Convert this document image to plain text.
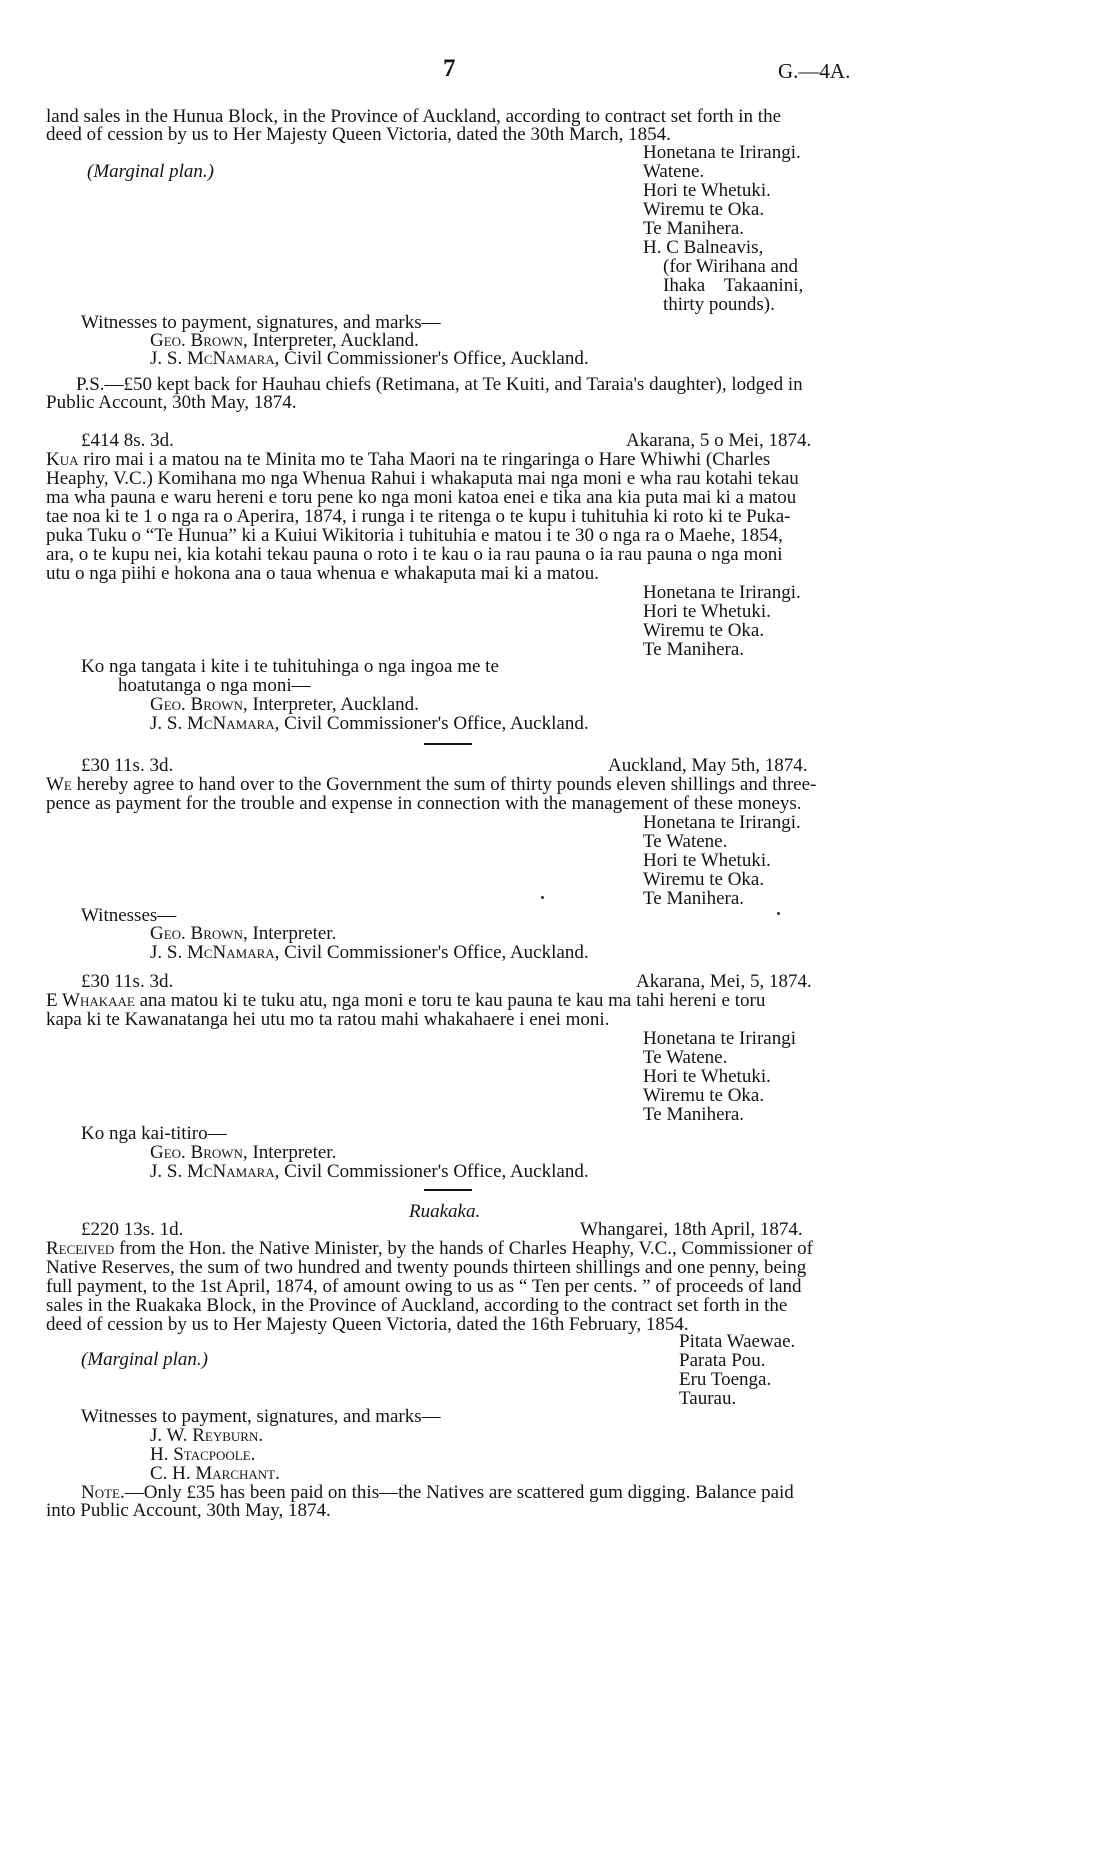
7	G.—4A.
land sales in the Hunua Block, in the Province of Auckland, according to contract set forth in the
deed of cession by us to Her Majesty Queen Victoria, dated the 30th March, 1854.
(Marginal plan.)
Honetana te Irirangi.
Watene.
Hori te Whetuki.
Wiremu te Oka.
Te Manihera.
H. C Balneavis,
(for Wirihana and
Ihaka    Takaanini,
thirty pounds).
Witnesses to payment, signatures, and marks—
Geo. Brown, Interpreter, Auckland.
J. S. McNamara, Civil Commissioner's Office, Auckland.
P.S.—£50 kept back for Hauhau chiefs (Retimana, at Te Kuiti, and Taraia's daughter), lodged in
Public Account, 30th May, 1874.
£414 8s. 3d.	Akarana, 5 o Mei, 1874.
Kua riro mai i a matou na te Minita mo te Taha Maori na te ringaringa o Hare Whiwhi (Charles
Heaphy, V.C.) Komihana mo nga Whenua Rahui i whakaputa mai nga moni e wha rau kotahi tekau
ma wha pauna e waru hereni e toru pene ko nga moni katoa enei e tika ana kia puta mai ki a matou
tae noa ki te 1 o nga ra o Aperira, 1874, i runga i te ritenga o te kupu i tuhituhia ki roto ki te Puka-
puka Tuku o “Te Hunua” ki a Kuiui Wikitoria i tuhituhia e matou i te 30 o nga ra o Maehe, 1854,
ara, o te kupu nei, kia kotahi tekau pauna o roto i te kau o ia rau pauna o ia rau pauna o nga moni
utu o nga piihi e hokona ana o taua whenua e whakaputa mai ki a matou.
Honetana te Irirangi.
Hori te Whetuki.
Wiremu te Oka.
Te Manihera.
Ko nga tangata i kite i te tuhituhinga o nga ingoa me te
hoatutanga o nga moni—
Geo. Brown, Interpreter, Auckland.
J. S. McNamara, Civil Commissioner's Office, Auckland.
£30 11s. 3d.	Auckland, May 5th, 1874.
We hereby agree to hand over to the Government the sum of thirty pounds eleven shillings and three-
pence as payment for the trouble and expense in connection with the management of these moneys.
Honetana te Irirangi.
Te Watene.
Hori te Whetuki.
Wiremu te Oka.
Te Manihera.
Witnesses—
Geo. Brown, Interpreter.
J. S. McNamara, Civil Commissioner's Office, Auckland.
£30 11s. 3d.	Akarana, Mei, 5, 1874.
E Whakaae ana matou ki te tuku atu, nga moni e toru te kau pauna te kau ma tahi hereni e toru
kapa ki te Kawanatanga hei utu mo ta ratou mahi whakahaere i enei moni.
Honetana te Irirangi
Te Watene.
Hori te Whetuki.
Wiremu te Oka.
Te Manihera.
Ko nga kai-titiro—
Geo. Brown, Interpreter.
J. S. McNamara, Civil Commissioner's Office, Auckland.
Ruakaka.
£220 13s. 1d.	Whangarei, 18th April, 1874.
Received from the Hon. the Native Minister, by the hands of Charles Heaphy, V.C., Commissioner of
Native Reserves, the sum of two hundred and twenty pounds thirteen shillings and one penny, being
full payment, to the 1st April, 1874, of amount owing to us as “ Ten per cents. ” of proceeds of land
sales in the Ruakaka Block, in the Province of Auckland, according to the contract set forth in the
deed of cession by us to Her Majesty Queen Victoria, dated the 16th February, 1854.
(Marginal plan.)
Pitata Waewae.
Parata Pou.
Eru Toenga.
Taurau.
Witnesses to payment, signatures, and marks—
J. W. Reyburn.
H. Stacpoole.
C. H. Marchant.
Note.—Only £35 has been paid on this—the Natives are scattered gum digging. Balance paid
into Public Account, 30th May, 1874.
